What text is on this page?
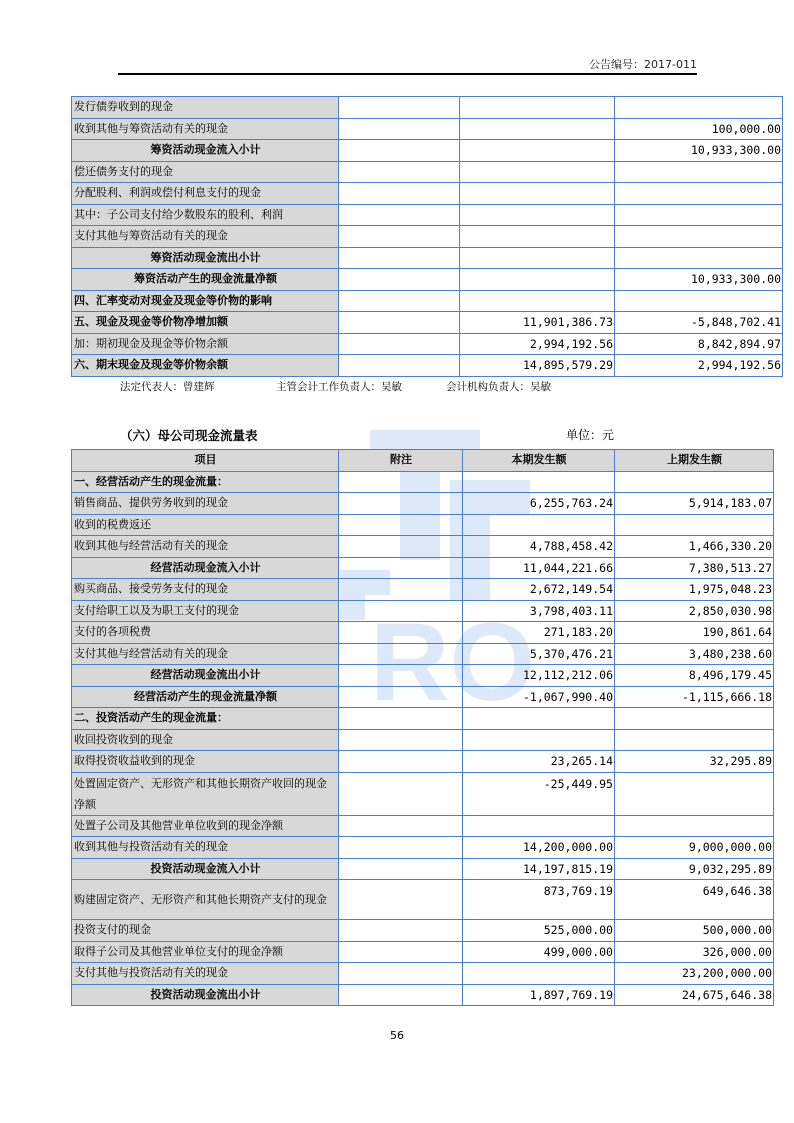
公告编号：2017-011
RO
发行债券收到的现金			
收到其他与筹资活动有关的现金			100,000.00
筹资活动现金流入小计			10,933,300.00
偿还债务支付的现金			
分配股利、利润或偿付利息支付的现金			
其中：子公司支付给少数股东的股利、利润			
支付其他与筹资活动有关的现金			
筹资活动现金流出小计			
筹资活动产生的现金流量净额			10,933,300.00
四、汇率变动对现金及现金等价物的影响			
五、现金及现金等价物净增加额		11,901,386.73	-5,848,702.41
加：期初现金及现金等价物余额		2,994,192.56	8,842,894.97
六、期末现金及现金等价物余额		14,895,579.29	2,994,192.56
法定代表人：曾建辉	主管会计工作负责人：吴敏	会计机构负责人：吴敏
（六）母公司现金流量表	单位：元
项目	附注	本期发生额	上期发生额
一、经营活动产生的现金流量：			
销售商品、提供劳务收到的现金		6,255,763.24	5,914,183.07
收到的税费返还			
收到其他与经营活动有关的现金		4,788,458.42	1,466,330.20
经营活动现金流入小计		11,044,221.66	7,380,513.27
购买商品、接受劳务支付的现金		2,672,149.54	1,975,048.23
支付给职工以及为职工支付的现金		3,798,403.11	2,850,030.98
支付的各项税费		271,183.20	190,861.64
支付其他与经营活动有关的现金		5,370,476.21	3,480,238.60
经营活动现金流出小计		12,112,212.06	8,496,179.45
经营活动产生的现金流量净额		-1,067,990.40	-1,115,666.18
二、投资活动产生的现金流量：			
收回投资收到的现金			
取得投资收益收到的现金		23,265.14	32,295.89
处置固定资产、无形资产和其他长期资产收回的现金净额		-25,449.95	
处置子公司及其他营业单位收到的现金净额			
收到其他与投资活动有关的现金		14,200,000.00	9,000,000.00
投资活动现金流入小计		14,197,815.19	9,032,295.89
购建固定资产、无形资产和其他长期资产支付的现金		873,769.19	649,646.38
投资支付的现金		525,000.00	500,000.00
取得子公司及其他营业单位支付的现金净额		499,000.00	326,000.00
支付其他与投资活动有关的现金			23,200,000.00
投资活动现金流出小计		1,897,769.19	24,675,646.38
56
